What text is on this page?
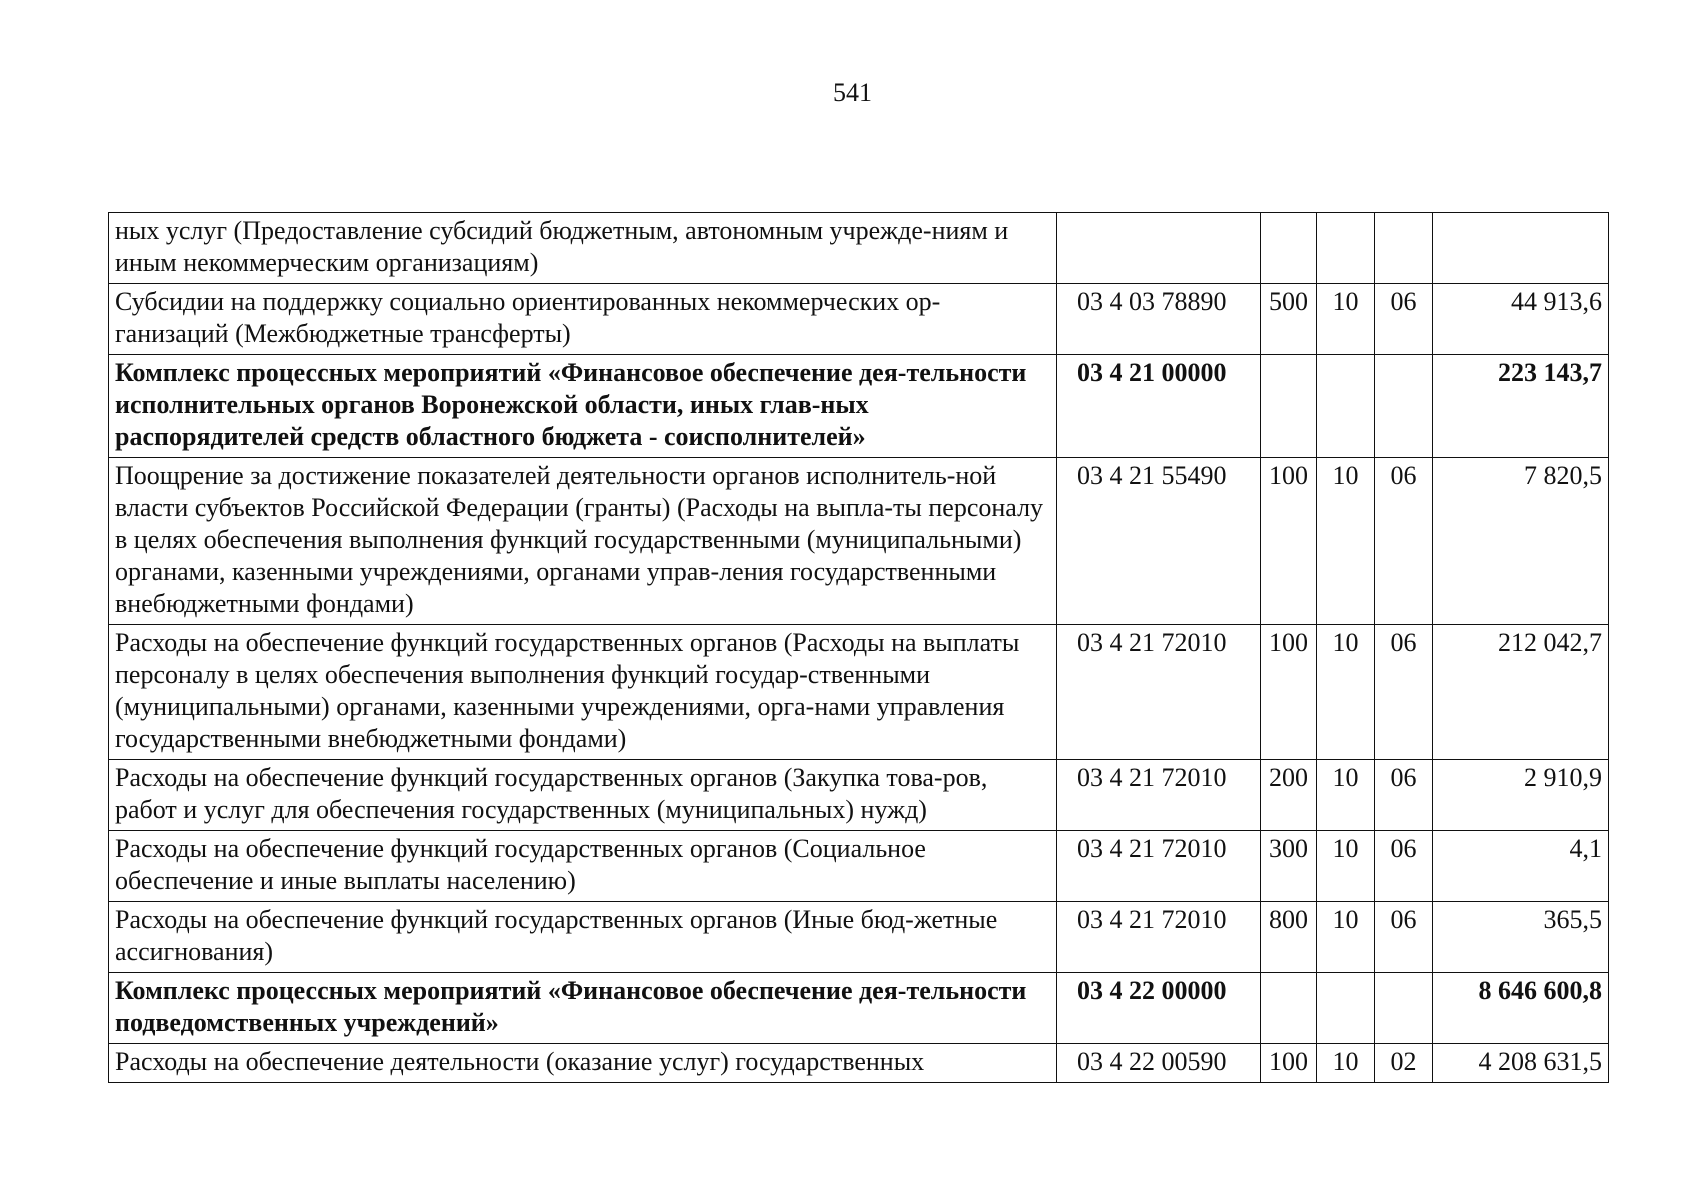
541
ных услуг (Предоставление субсидий бюджетным, автономным учрежде-ниям и иным некоммерческим организациям)					
Субсидии на поддержку социально ориентированных некоммерческих ор-ганизаций (Межбюджетные трансферты)	03 4 03 78890	500	10	06	44 913,6
Комплекс процессных мероприятий «Финансовое обеспечение дея-тельности исполнительных органов Воронежской области, иных глав-ных распорядителей средств областного бюджета - соисполнителей»	03 4 21 00000				223 143,7
Поощрение за достижение показателей деятельности органов исполнитель-ной власти субъектов Российской Федерации (гранты) (Расходы на выпла-ты персоналу в целях обеспечения выполнения функций государственными (муниципальными) органами, казенными учреждениями, органами управ-ления государственными внебюджетными фондами)	03 4 21 55490	100	10	06	7 820,5
Расходы на обеспечение функций государственных органов (Расходы на выплаты персоналу в целях обеспечения выполнения функций государ-ственными (муниципальными) органами, казенными учреждениями, орга-нами управления государственными внебюджетными фондами)	03 4 21 72010	100	10	06	212 042,7
Расходы на обеспечение функций государственных органов (Закупка това-ров, работ и услуг для обеспечения государственных (муниципальных) нужд)	03 4 21 72010	200	10	06	2 910,9
Расходы на обеспечение функций государственных органов (Социальное обеспечение и иные выплаты населению)	03 4 21 72010	300	10	06	4,1
Расходы на обеспечение функций государственных органов (Иные бюд-жетные ассигнования)	03 4 21 72010	800	10	06	365,5
Комплекс процессных мероприятий «Финансовое обеспечение дея-тельности подведомственных учреждений»	03 4 22 00000				8 646 600,8
Расходы на обеспечение деятельности (оказание услуг) государственных	03 4 22 00590	100	10	02	4 208 631,5
